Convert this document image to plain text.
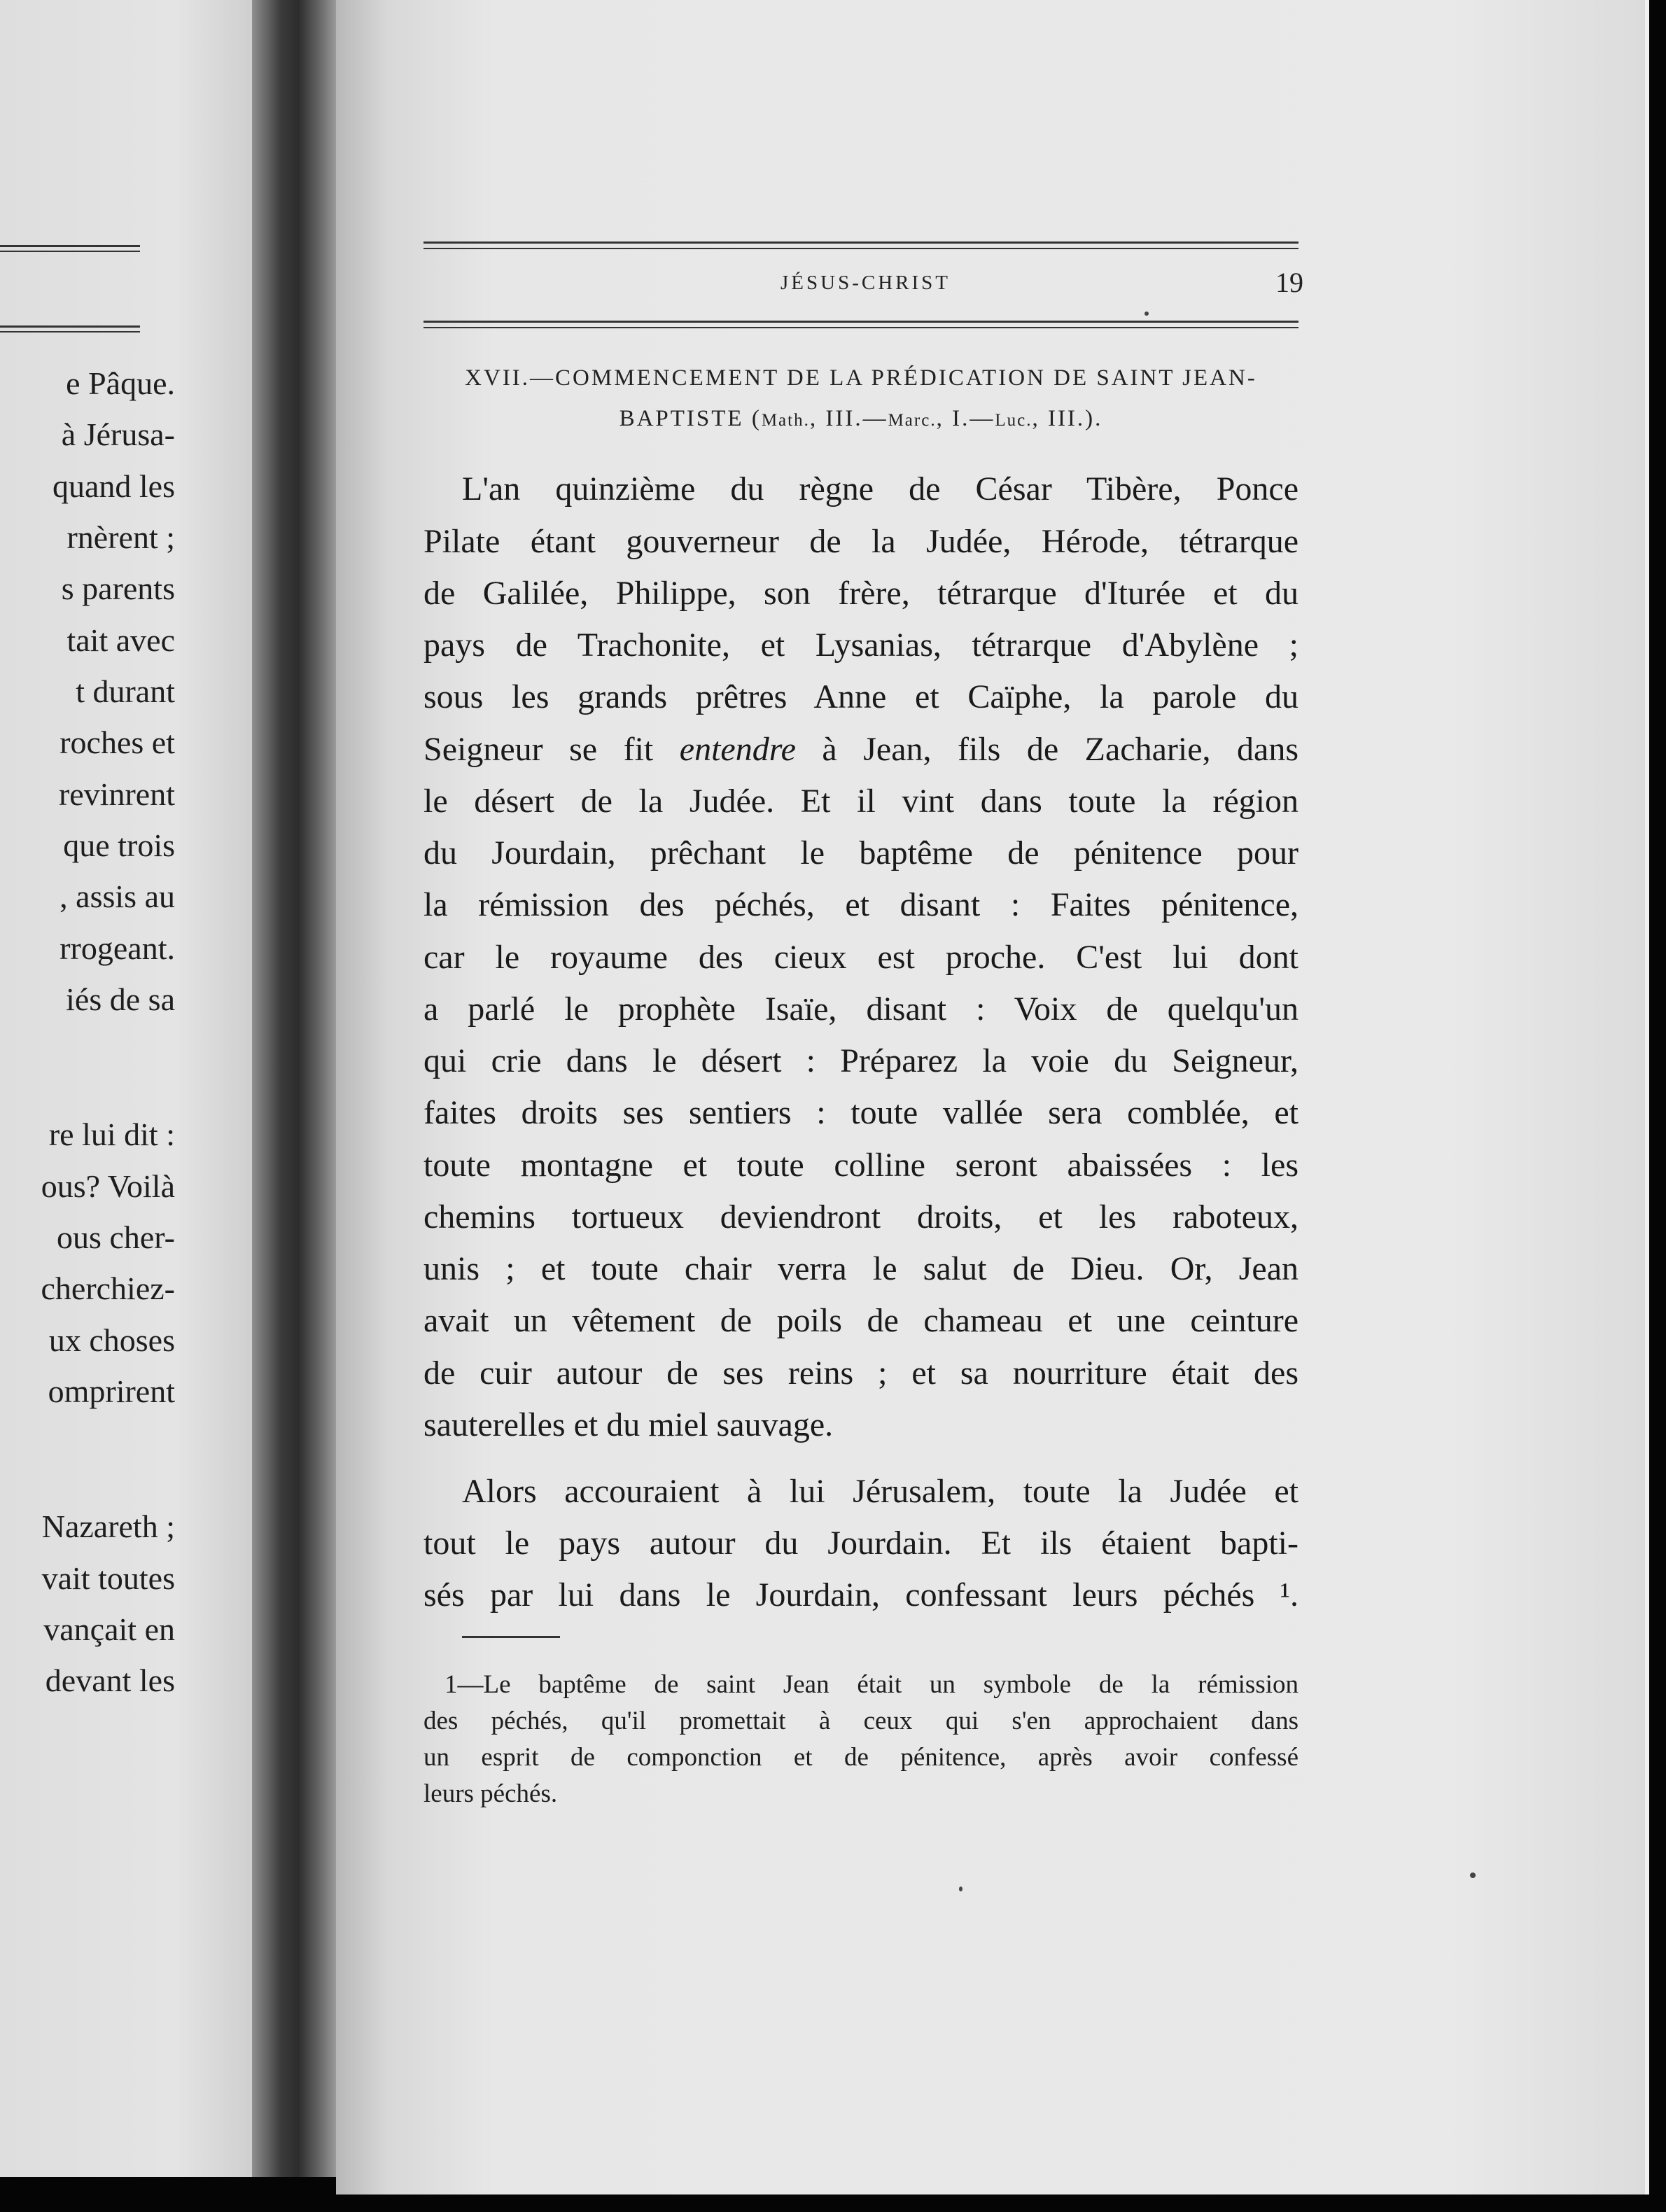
e Pâque.
à Jérusa-
quand les
rnèrent ;
s parents
tait avec
t durant
roches et
revinrent
que trois
, assis au
rrogeant.
iés de sa
re lui dit :
ous? Voilà
ous cher-
cherchiez-
ux choses
omprirent
Nazareth ;
vait toutes
vançait en
devant les
JÉSUS-CHRIST	19
XVII.—COMMENCEMENT DE LA PRÉDICATION DE SAINT JEAN-
BAPTISTE (Math., III.—Marc., I.—Luc., III.).
L'an quinzième du règne de César Tibère, Ponce
Pilate étant gouverneur de la Judée, Hérode, tétrarque
de Galilée, Philippe, son frère, tétrarque d'Iturée et du
pays de Trachonite, et Lysanias, tétrarque d'Abylène ;
sous les grands prêtres Anne et Caïphe, la parole du
Seigneur se fit entendre à Jean, fils de Zacharie, dans
le désert de la Judée. Et il vint dans toute la région
du Jourdain, prêchant le baptême de pénitence pour
la rémission des péchés, et disant : Faites pénitence,
car le royaume des cieux est proche. C'est lui dont
a parlé le prophète Isaïe, disant : Voix de quelqu'un
qui crie dans le désert : Préparez la voie du Seigneur,
faites droits ses sentiers : toute vallée sera comblée, et
toute montagne et toute colline seront abaissées : les
chemins tortueux deviendront droits, et les raboteux,
unis ; et toute chair verra le salut de Dieu. Or, Jean
avait un vêtement de poils de chameau et une ceinture
de cuir autour de ses reins ; et sa nourriture était des
sauterelles et du miel sauvage.
Alors accouraient à lui Jérusalem, toute la Judée et
tout le pays autour du Jourdain. Et ils étaient bapti-
sés par lui dans le Jourdain, confessant leurs péchés ¹.
1—Le baptême de saint Jean était un symbole de la rémission
des péchés, qu'il promettait à ceux qui s'en approchaient dans
un esprit de componction et de pénitence, après avoir confessé
leurs péchés.
